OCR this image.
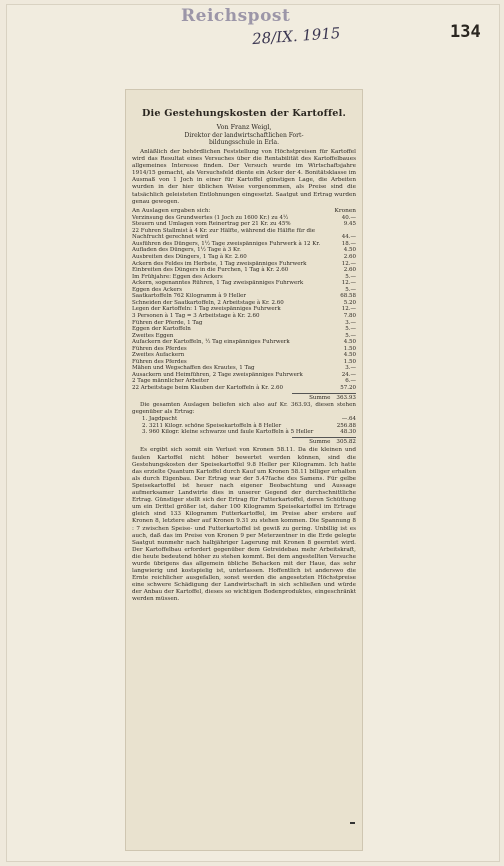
Reichspost
28/IX. 1915	134
Die Gestehungskosten der Kartoffel.
Von Franz Weigl,
Direktor der landwirtschaftlichen Fort-
bildungsschule in Erla.

Anläßlich der behördlichen Feststellung von Höchstpreisen für Kartoffel wird das Resultat eines Versuches über die Rentabilität des Kartoffelbaues allgemeines Interesse finden. Der Versuch wurde im Wirtschaftsjahre 1914/15 gemacht, als Versuchsfeld diente ein Acker der 4. Bonitätsklasse im Ausmaß von 1 Joch in einer für Kartoffel günstigen Lage, die Arbeiten wurden in der hier üblichen Weise vorgenommen, als Preise sind die tatsächlich geleisteten Entlohnungen eingesetzt. Saatgut und Ertrag wurden genau gewogen.

An Auslagen ergaben sich:	Kronen
Verzinsung des Grundwertes (1 Joch zu 1600 Kr.) zu 4½	40.—
Steuern und Umlagen vom Reinertrag per 21 Kr. zu 45%	9.45
22 Fuhren Stallmist à 4 Kr. zur Hälfte, während die Hälfte für die Nachfrucht gerechnet wird	44.—
Ausführen des Düngers, 1½ Tage zweispänniges Fuhrwerk à 12 Kr.	18.—
Aufladen des Düngers, 1½ Tage à 3 Kr.	4.50
Ausbreiten des Düngers, 1 Tag à Kr. 2.60	2.60
Ackern des Feldes im Herbste, 1 Tag zweispänniges Fuhrwerk	12.—
Einbreiten des Düngers in die Furchen, 1 Tag à Kr. 2.60	2.60
Im Frühjahre: Eggen des Ackers	5.—
Ackern, sogenanntes Rühren, 1 Tag zweispänniges Fuhrwerk	12.—
Eggen des Ackers	5.—
Saatkartoffeln 762 Kilogramm à 9 Heller	68.58
Schneiden der Saatkartoffeln, 2 Arbeitstage à Kr. 2.60	5.20
Legen der Kartoffeln: 1 Tag zweispänniges Fuhrwerk	12.—
3 Personen à 1 Tag = 3 Arbeitstage à Kr. 2.60	7.80
Führen der Pferde, 1 Tag	3.—
Eggen der Kartoffeln	5.—
Zweites Eggen	5.—
Aufackern der Kartoffeln, ½ Tag einspänniges Fuhrwerk	4.50
Führen des Pferdes	1.50
Zweites Aufackern	4.50
Führen des Pferdes	1.50
Mähen und Wegschaffen des Krautes, 1 Tag	3.—
Ausackern und Heimführen, 2 Tage zweispänniges Fuhrwerk	24.—
2 Tage männlicher Arbeiter	6.—
22 Arbeitstage beim Klauben der Kartoffeln à Kr. 2.60	57.20
Summe 363.93

Die gesamten Auslagen beliefen sich also auf Kr. 363.93, diesen stehen gegenüber als Ertrag:

1. Jagdpacht	—.64
2. 3211 Kilogr. schöne Speisekartoffeln à 8 Heller	256.88
3. 960 Kilogr. kleine schwarze und faule Kartoffeln à 5 Heller	48.30
Summe 305.82

Es ergibt sich somit ein Verlust von Kronen 58.11. Da die kleinen und faulen Kartoffel nicht höher bewertet werden können, sind die Gestehungskosten der Speisekartoffel 9.8 Heller per Kilogramm. Ich hatte das erzielte Quantum Kartoffel durch Kauf um Kronen 58.11 billiger erhalten als durch Eigenbau. Der Ertrag war der 5.47fache des Samens. Für gelbe Speisekartoffel ist heuer nach eigener Beobachtung und Aussage aufmerksamer Landwirte dies in unserer Gegend der durchschnittliche Ertrag. Günstiger stellt sich der Ertrag für Futterkartoffel, deren Schüttung um ein Drittel größer ist, daher 100 Kilogramm Speisekartoffel im Ertrage gleich sind 133 Kilogramm Futterkartoffel, im Preise aber erstere auf Kronen 8, letztere aber auf Kronen 9.31 zu stehen kommen. Die Spannung 8 : 7 zwischen Speise- und Futterkartoffel ist gewiß zu gering. Unbillig ist es auch, daß das im Preise von Kronen 9 per Meterzentner in die Erde gelegte Saatgut nunmehr nach halbjähriger Lagerung mit Kronen 8 geerntet wird. Der Kartoffelbau erfordert gegenüber dem Getreidebau mehr Arbeitskraft, die heute bedeutend höher zu stehen kommt. Bei dem angestellten Versuche wurde übrigens das allgemein übliche Behacken mit der Haue, das sehr langwierig und kostspielig ist, unterlassen. Hoffentlich ist anderswo die Ernte reichlicher ausgefallen, sonst werden die angesetzten Höchstpreise eine schwere Schädigung der Landwirtschaft in sich schließen und würde der Anbau der Kartoffel, dieses so wichtigen Bodenproduktes, eingeschränkt werden müssen.
